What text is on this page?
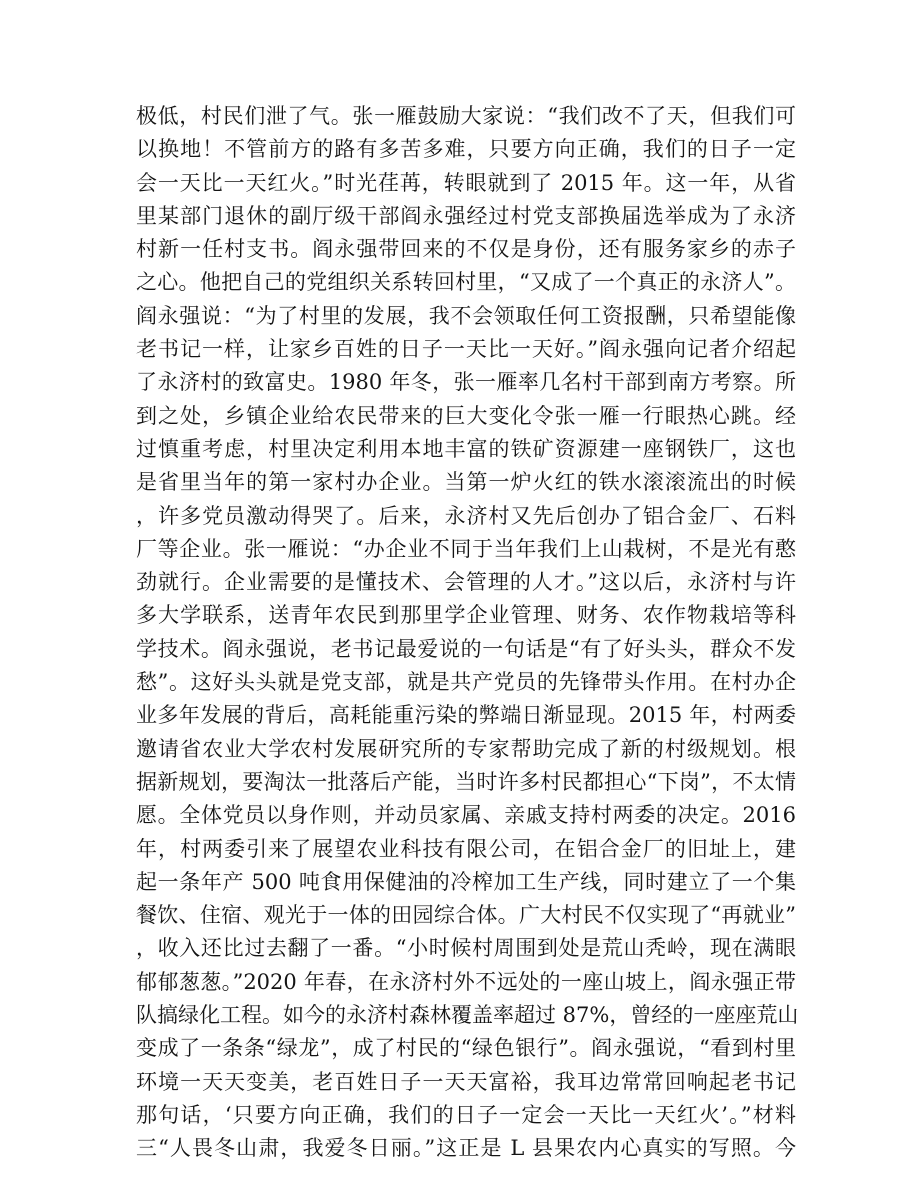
极低，村民们泄了气。张一雁鼓励大家说：“我们改不了天，但我们可
以换地！不管前方的路有多苦多难，只要方向正确，我们的日子一定
会一天比一天红火。”时光荏苒，转眼就到了 2015 年。这一年，从省
里某部门退休的副厅级干部阎永强经过村党支部换届选举成为了永济
村新一任村支书。阎永强带回来的不仅是身份，还有服务家乡的赤子
之心。他把自己的党组织关系转回村里，“又成了一个真正的永济人”。
阎永强说：“为了村里的发展，我不会领取任何工资报酬，只希望能像
老书记一样，让家乡百姓的日子一天比一天好。”阎永强向记者介绍起
了永济村的致富史。1980 年冬，张一雁率几名村干部到南方考察。所
到之处，乡镇企业给农民带来的巨大变化令张一雁一行眼热心跳。经
过慎重考虑，村里决定利用本地丰富的铁矿资源建一座钢铁厂，这也
是省里当年的第一家村办企业。当第一炉火红的铁水滚滚流出的时候
，许多党员激动得哭了。后来，永济村又先后创办了铝合金厂、石料
厂等企业。张一雁说：“办企业不同于当年我们上山栽树，不是光有憨
劲就行。企业需要的是懂技术、会管理的人才。”这以后，永济村与许
多大学联系，送青年农民到那里学企业管理、财务、农作物栽培等科
学技术。阎永强说，老书记最爱说的一句话是“有了好头头，群众不发
愁”。这好头头就是党支部，就是共产党员的先锋带头作用。在村办企
业多年发展的背后，高耗能重污染的弊端日渐显现。2015 年，村两委
邀请省农业大学农村发展研究所的专家帮助完成了新的村级规划。根
据新规划，要淘汰一批落后产能，当时许多村民都担心“下岗”，不太情
愿。全体党员以身作则，并动员家属、亲戚支持村两委的决定。2016
年，村两委引来了展望农业科技有限公司，在铝合金厂的旧址上，建
起一条年产 500 吨食用保健油的冷榨加工生产线，同时建立了一个集
餐饮、住宿、观光于一体的田园综合体。广大村民不仅实现了“再就业”
，收入还比过去翻了一番。“小时候村周围到处是荒山秃岭，现在满眼
郁郁葱葱。”2020 年春，在永济村外不远处的一座山坡上，阎永强正带
队搞绿化工程。如今的永济村森林覆盖率超过 87%，曾经的一座座荒山
变成了一条条“绿龙”，成了村民的“绿色银行”。阎永强说，“看到村里
环境一天天变美，老百姓日子一天天富裕，我耳边常常回响起老书记
那句话，‘只要方向正确，我们的日子一定会一天比一天红火’。”材料
三“人畏冬山肃，我爱冬日丽。”这正是 L 县果农内心真实的写照。今
